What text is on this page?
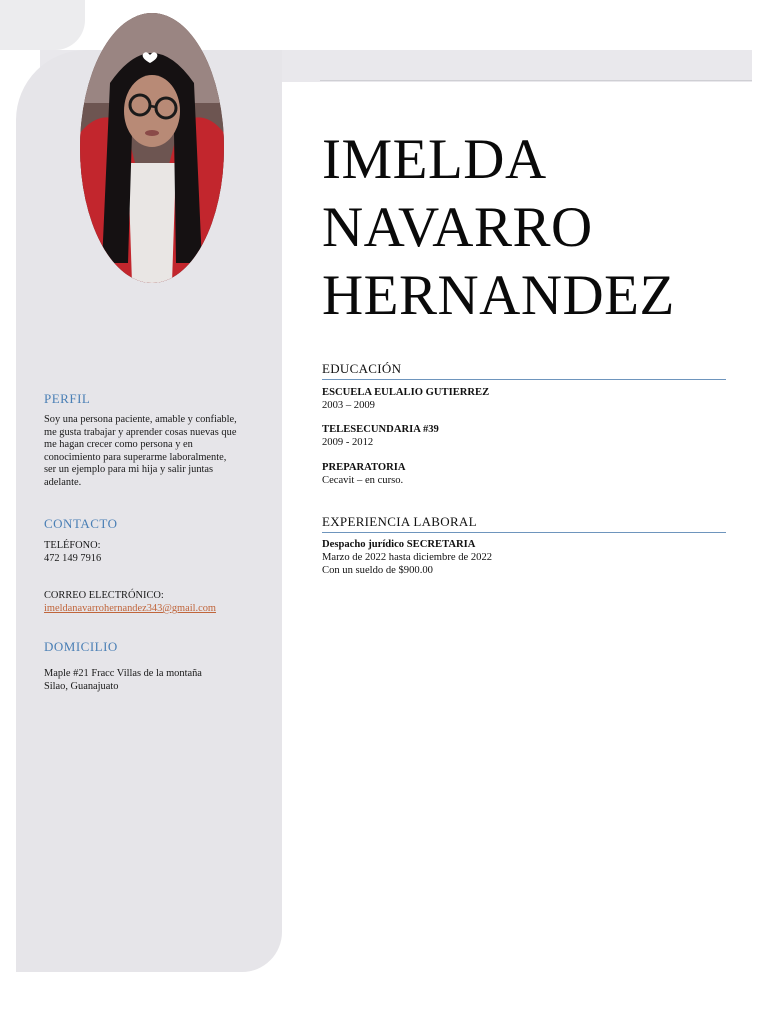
IMELDA
NAVARRO
HERNANDEZ
PERFIL

Soy una persona paciente, amable y confiable,

me gusta trabajar y aprender cosas nuevas que

me hagan crecer como persona y en

conocimiento para superarme laboralmente,

ser un ejemplo para mi hija y salir juntas

adelante.

CONTACTO

TELÉFONO:

472 149 7916

CORREO ELECTRÓNICO:

imeldanavarrohernandez343@gmail.com

DOMICILIO

Maple #21 Fracc Villas de la montaña

Silao, Guanajuato

EDUCACIÓN

ESCUELA EULALIO GUTIERREZ

2003 – 2009

TELESECUNDARIA #39

2009 - 2012

PREPARATORIA

Cecavit – en curso.

EXPERIENCIA LABORAL

Despacho jurídico SECRETARIA

Marzo de 2022 hasta diciembre de 2022

Con un sueldo de $900.00
